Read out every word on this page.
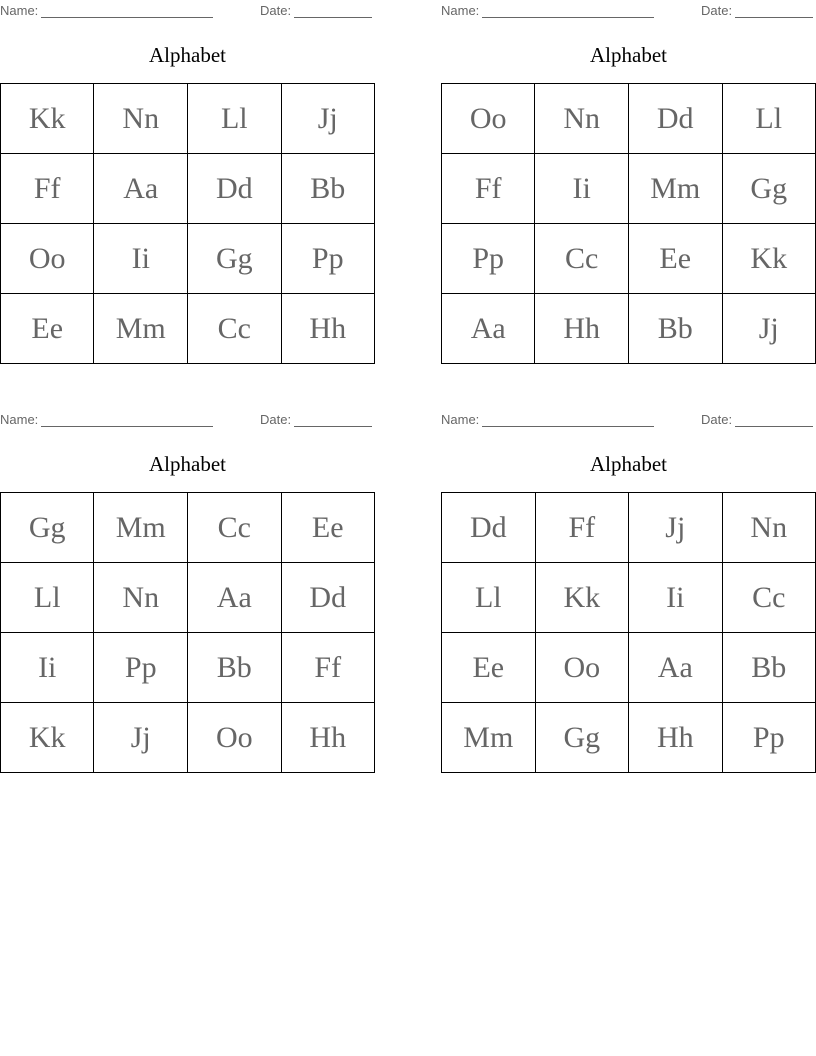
Name:	Date:
Alphabet
Kk	Nn	Ll	Jj
Ff	Aa	Dd	Bb
Oo	Ii	Gg	Pp
Ee	Mm	Cc	Hh
Name:	Date:
Alphabet
Oo	Nn	Dd	Ll
Ff	Ii	Mm	Gg
Pp	Cc	Ee	Kk
Aa	Hh	Bb	Jj
Name:	Date:
Alphabet
Gg	Mm	Cc	Ee
Ll	Nn	Aa	Dd
Ii	Pp	Bb	Ff
Kk	Jj	Oo	Hh
Name:	Date:
Alphabet
Dd	Ff	Jj	Nn
Ll	Kk	Ii	Cc
Ee	Oo	Aa	Bb
Mm	Gg	Hh	Pp
